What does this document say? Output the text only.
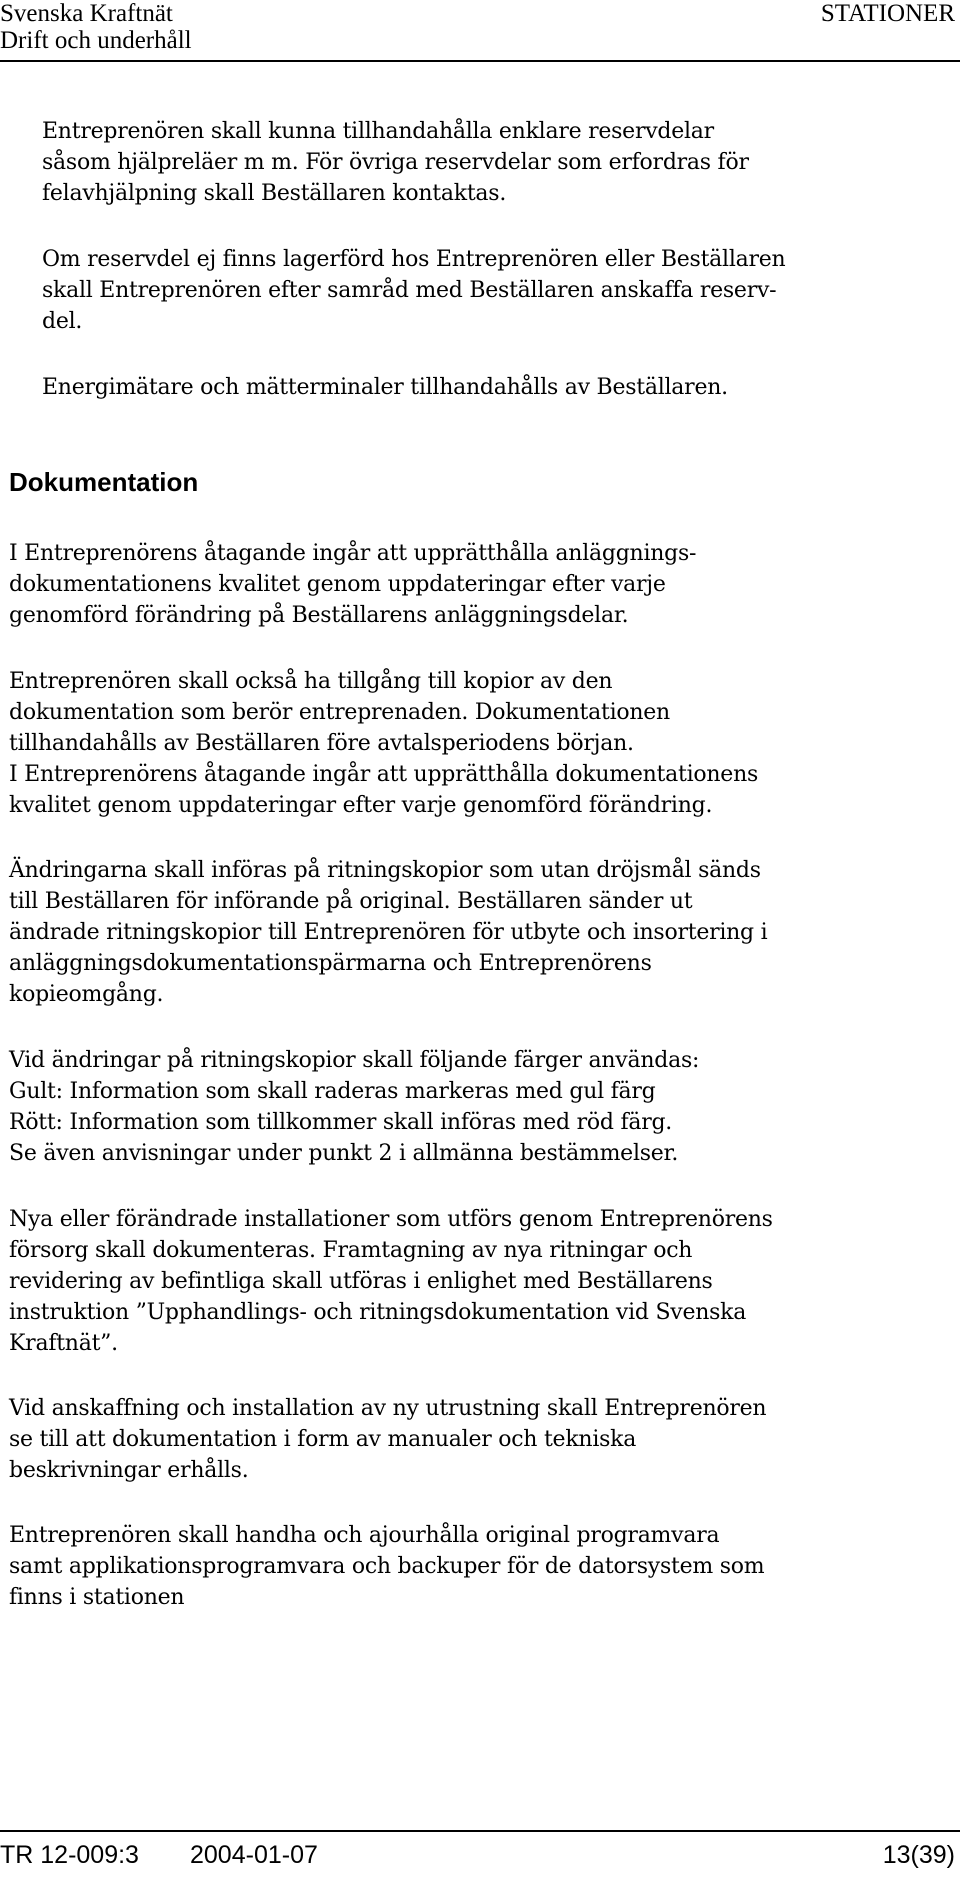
Svenska Kraftnät
Drift och underhåll
STATIONER
Entreprenören skall kunna tillhandahålla enklare reservdelar
såsom hjälpreläer m m. För övriga reservdelar som erfordras för
felavhjälpning skall Beställaren kontaktas.
Om reservdel ej finns lagerförd hos Entreprenören eller Beställaren
skall Entreprenören efter samråd med Beställaren anskaffa reserv-
del.
Energimätare och mätterminaler tillhandahålls av Beställaren.
Dokumentation
I Entreprenörens åtagande ingår att upprätthålla anläggnings-
dokumentationens kvalitet genom uppdateringar efter varje
genomförd förändring på Beställarens anläggningsdelar.
Entreprenören skall också ha tillgång till kopior av den
dokumentation som berör entreprenaden. Dokumentationen
tillhandahålls av Beställaren före avtalsperiodens början.
I Entreprenörens åtagande ingår att upprätthålla dokumentationens
kvalitet genom uppdateringar efter varje genomförd förändring.
Ändringarna skall införas på ritningskopior som utan dröjsmål sänds
till Beställaren för införande på original. Beställaren sänder ut
ändrade ritningskopior till Entreprenören för utbyte och insortering i
anläggningsdokumentationspärmarna och Entreprenörens
kopieomgång.
Vid ändringar på ritningskopior skall följande färger användas:
Gult: Information som skall raderas markeras med gul färg
Rött: Information som tillkommer skall införas med röd färg.
Se även anvisningar under punkt 2 i allmänna bestämmelser.
Nya eller förändrade installationer som utförs genom Entreprenörens
försorg skall dokumenteras. Framtagning av nya ritningar och
revidering av befintliga skall utföras i enlighet med Beställarens
instruktion ”Upphandlings- och ritningsdokumentation vid Svenska
Kraftnät”.
Vid anskaffning och installation av ny utrustning skall Entreprenören
se till att dokumentation i form av manualer och tekniska
beskrivningar erhålls.
Entreprenören skall handha och ajourhålla original programvara
samt applikationsprogramvara och backuper för de datorsystem som
finns i stationen
TR 12-009:3 2004-01-07	13(39)
